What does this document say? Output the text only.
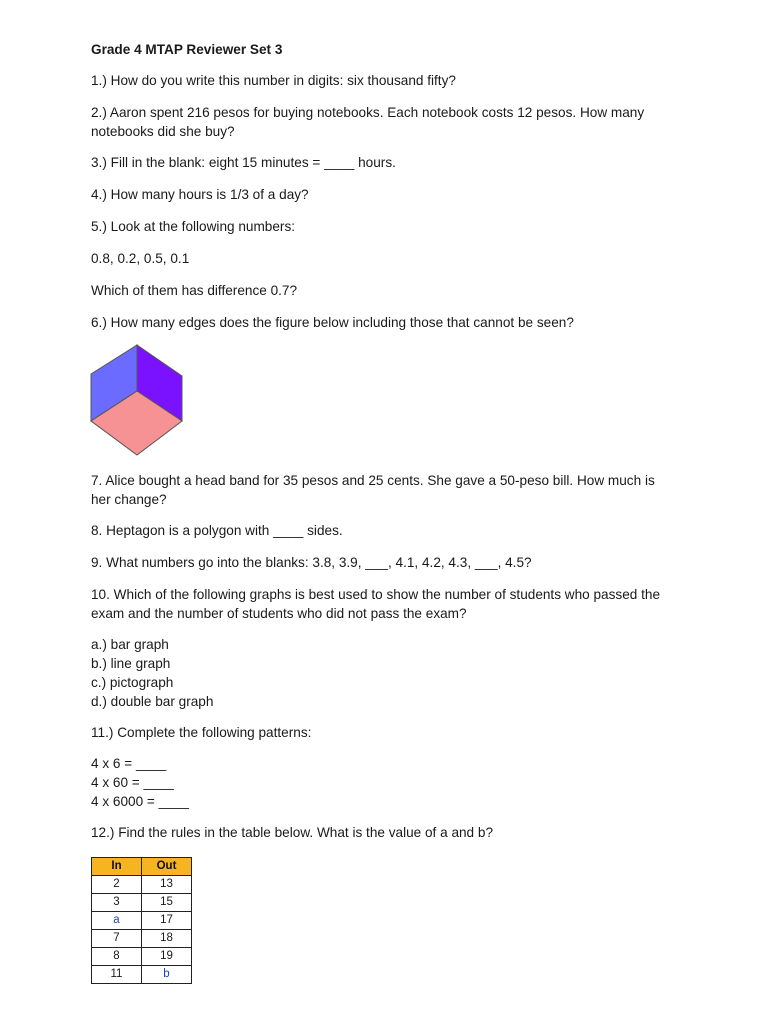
Grade 4 MTAP Reviewer Set 3

1.) How do you write this number in digits: six thousand fifty?

2.) Aaron spent 216 pesos for buying notebooks. Each notebook costs 12 pesos. How many
notebooks did she buy?

3.) Fill in the blank: eight 15 minutes = ____ hours.

4.) How many hours is 1/3 of a day?

5.) Look at the following numbers:

0.8, 0.2, 0.5, 0.1

Which of them has difference 0.7?

6.) How many edges does the figure below including those that cannot be seen?

7. Alice bought a head band for 35 pesos and 25 cents. She gave a 50-peso bill. How much is
her change?

8. Heptagon is a polygon with ____ sides.

9. What numbers go into the blanks: 3.8, 3.9, ___, 4.1, 4.2, 4.3, ___, 4.5?

10. Which of the following graphs is best used to show the number of students who passed the
exam and the number of students who did not pass the exam?

a.) bar graph
b.) line graph
c.) pictograph
d.) double bar graph

11.) Complete the following patterns:

4 x 6 = ____
4 x 60 = ____
4 x 6000 = ____

12.) Find the rules in the table below. What is the value of a and b?

In	Out
2	13
3	15
a	17
7	18
8	19
11	b
